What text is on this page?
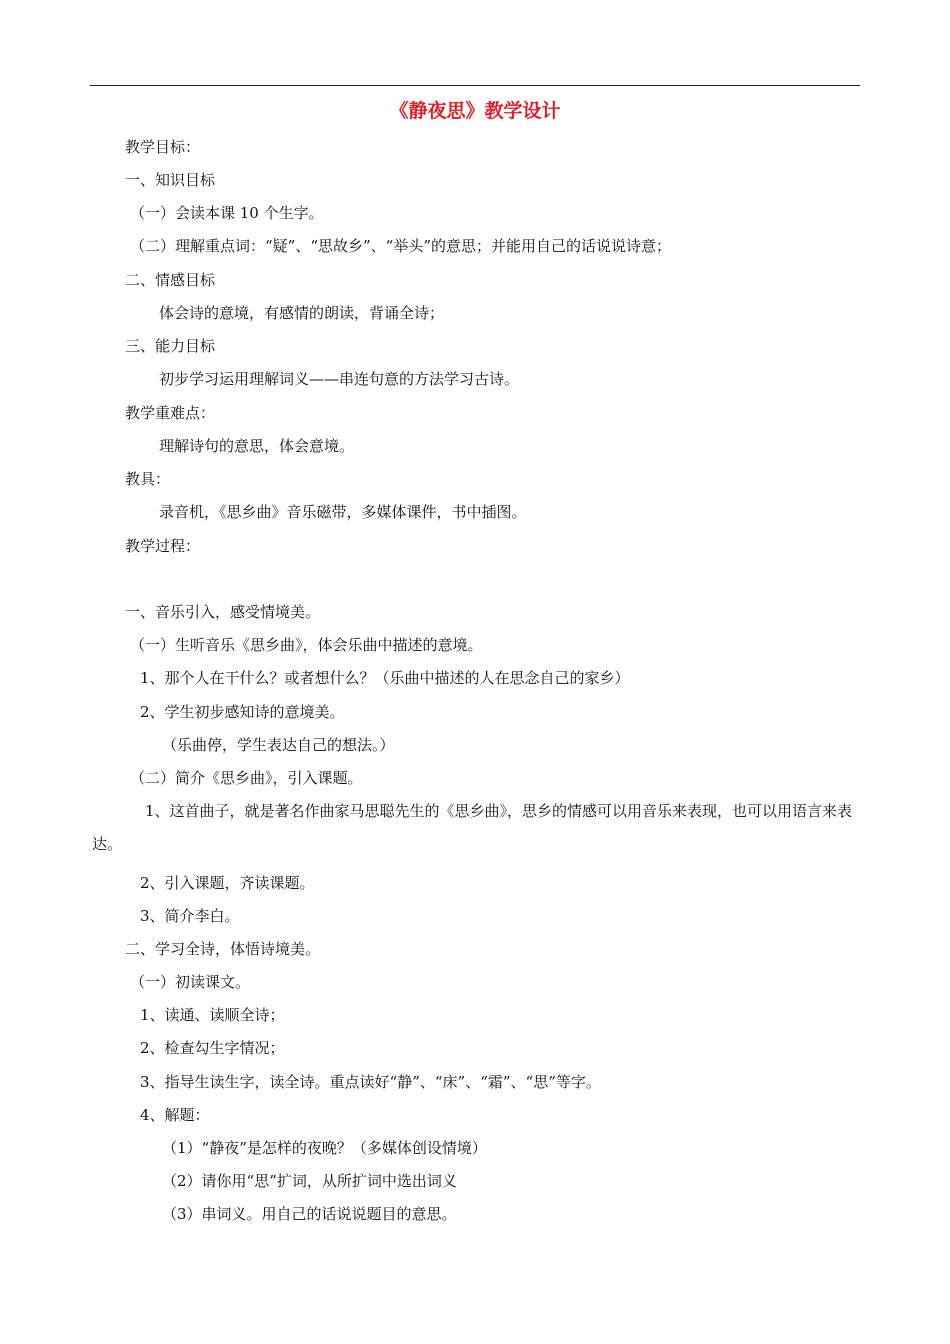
《静夜思》教学设计
教学目标：
一、知识目标
（一）会读本课 10 个生字。
（二）理解重点词：“疑”、“思故乡”、“举头”的意思；并能用自己的话说说诗意；
二、情感目标
体会诗的意境，有感情的朗读，背诵全诗；
三、能力目标
初步学习运用理解词义——串连句意的方法学习古诗。
教学重难点：
理解诗句的意思，体会意境。
教具：
录音机，《思乡曲》音乐磁带，多媒体课件，书中插图。
教学过程：
一、音乐引入，感受情境美。
（一）生听音乐《思乡曲》，体会乐曲中描述的意境。
1、那个人在干什么？或者想什么？（乐曲中描述的人在思念自己的家乡）
2、学生初步感知诗的意境美。
（乐曲停，学生表达自己的想法。）
（二）简介《思乡曲》，引入课题。
1、这首曲子，就是著名作曲家马思聪先生的《思乡曲》，思乡的情感可以用音乐来表现，也可以用语言来表达。
2、引入课题，齐读课题。
3、简介李白。
二、学习全诗，体悟诗境美。
（一）初读课文。
1、读通、读顺全诗；
2、检查勾生字情况；
3、指导生读生字，读全诗。重点读好“静”、“床”、“霜”、“思”等字。
4、解题：
（1）“静夜”是怎样的夜晚？（多媒体创设情境）
（2）请你用“思”扩词，从所扩词中选出词义
（3）串词义。用自己的话说说题目的意思。
